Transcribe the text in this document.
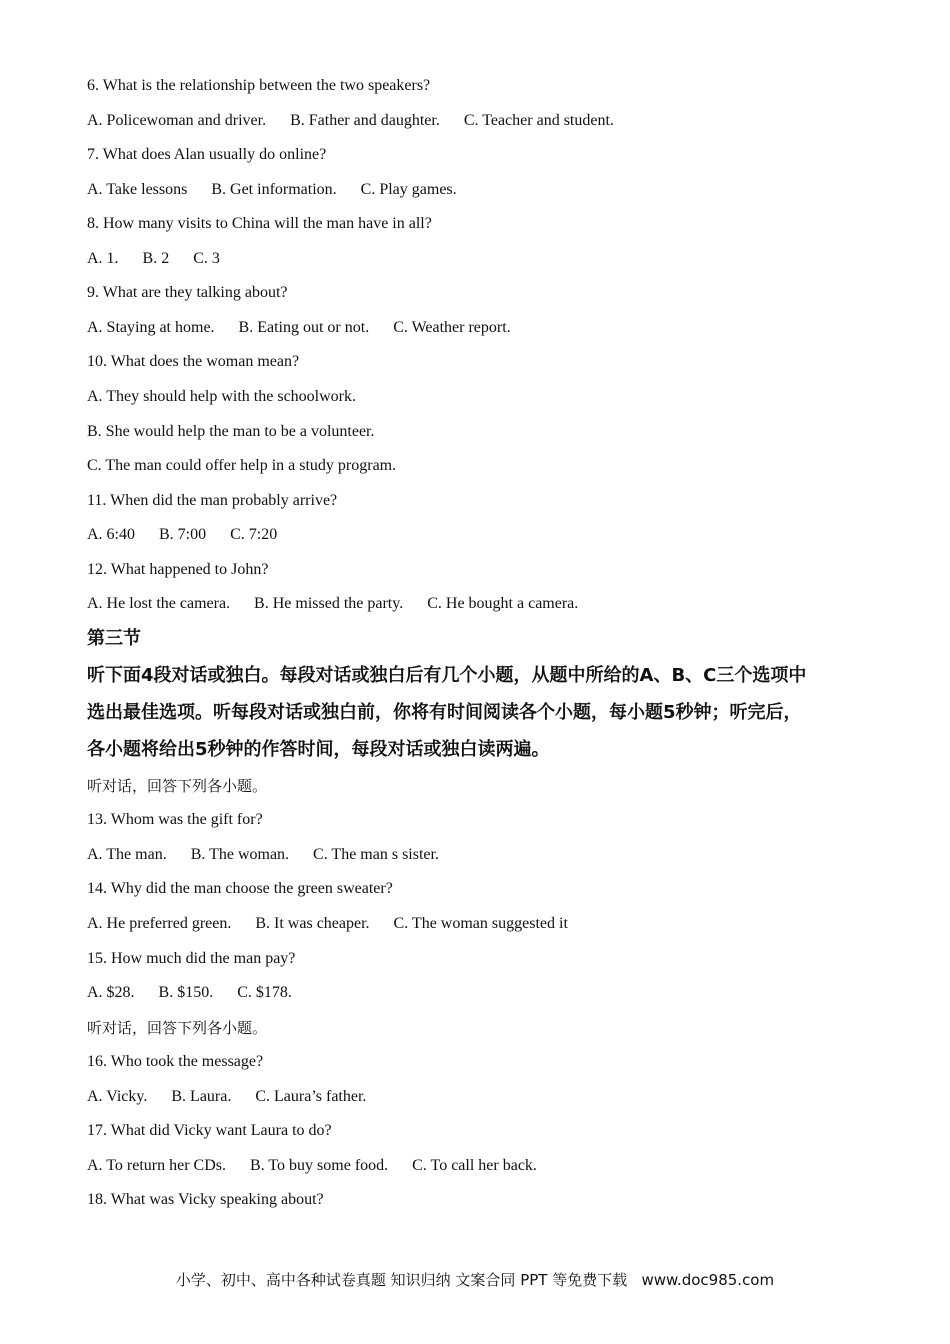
6. What is the relationship between the two speakers?
A. Policewoman and driver.      B. Father and daughter.      C. Teacher and student.
7. What does Alan usually do online?
A. Take lessons      B. Get information.      C. Play games.
8. How many visits to China will the man have in all?
A. 1.      B. 2      C. 3
9. What are they talking about?
A. Staying at home.      B. Eating out or not.      C. Weather report.
10. What does the woman mean?
A. They should help with the schoolwork.
B. She would help the man to be a volunteer.
C. The man could offer help in a study program.
11. When did the man probably arrive?
A. 6:40      B. 7:00      C. 7:20
12. What happened to John?
A. He lost the camera.      B. He missed the party.      C. He bought a camera.
第三节
听下面4段对话或独白。每段对话或独白后有几个小题，从题中所给的A、B、C三个选项中
选出最佳选项。听每段对话或独白前，你将有时间阅读各个小题，每小题5秒钟；听完后，
各小题将给出5秒钟的作答时间，每段对话或独白读两遍。
听对话，回答下列各小题。
13. Whom was the gift for?
A. The man.      B. The woman.      C. The man s sister.
14. Why did the man choose the green sweater?
A. He preferred green.      B. It was cheaper.      C. The woman suggested it
15. How much did the man pay?
A. $28.      B. $150.      C. $178.
听对话，回答下列各小题。
16. Who took the message?
A. Vicky.      B. Laura.      C. Laura’s father.
17. What did Vicky want Laura to do?
A. To return her CDs.      B. To buy some food.      C. To call her back.
18. What was Vicky speaking about?
小学、初中、高中各种试卷真题 知识归纳 文案合同 PPT 等免费下载   www.doc985.com
